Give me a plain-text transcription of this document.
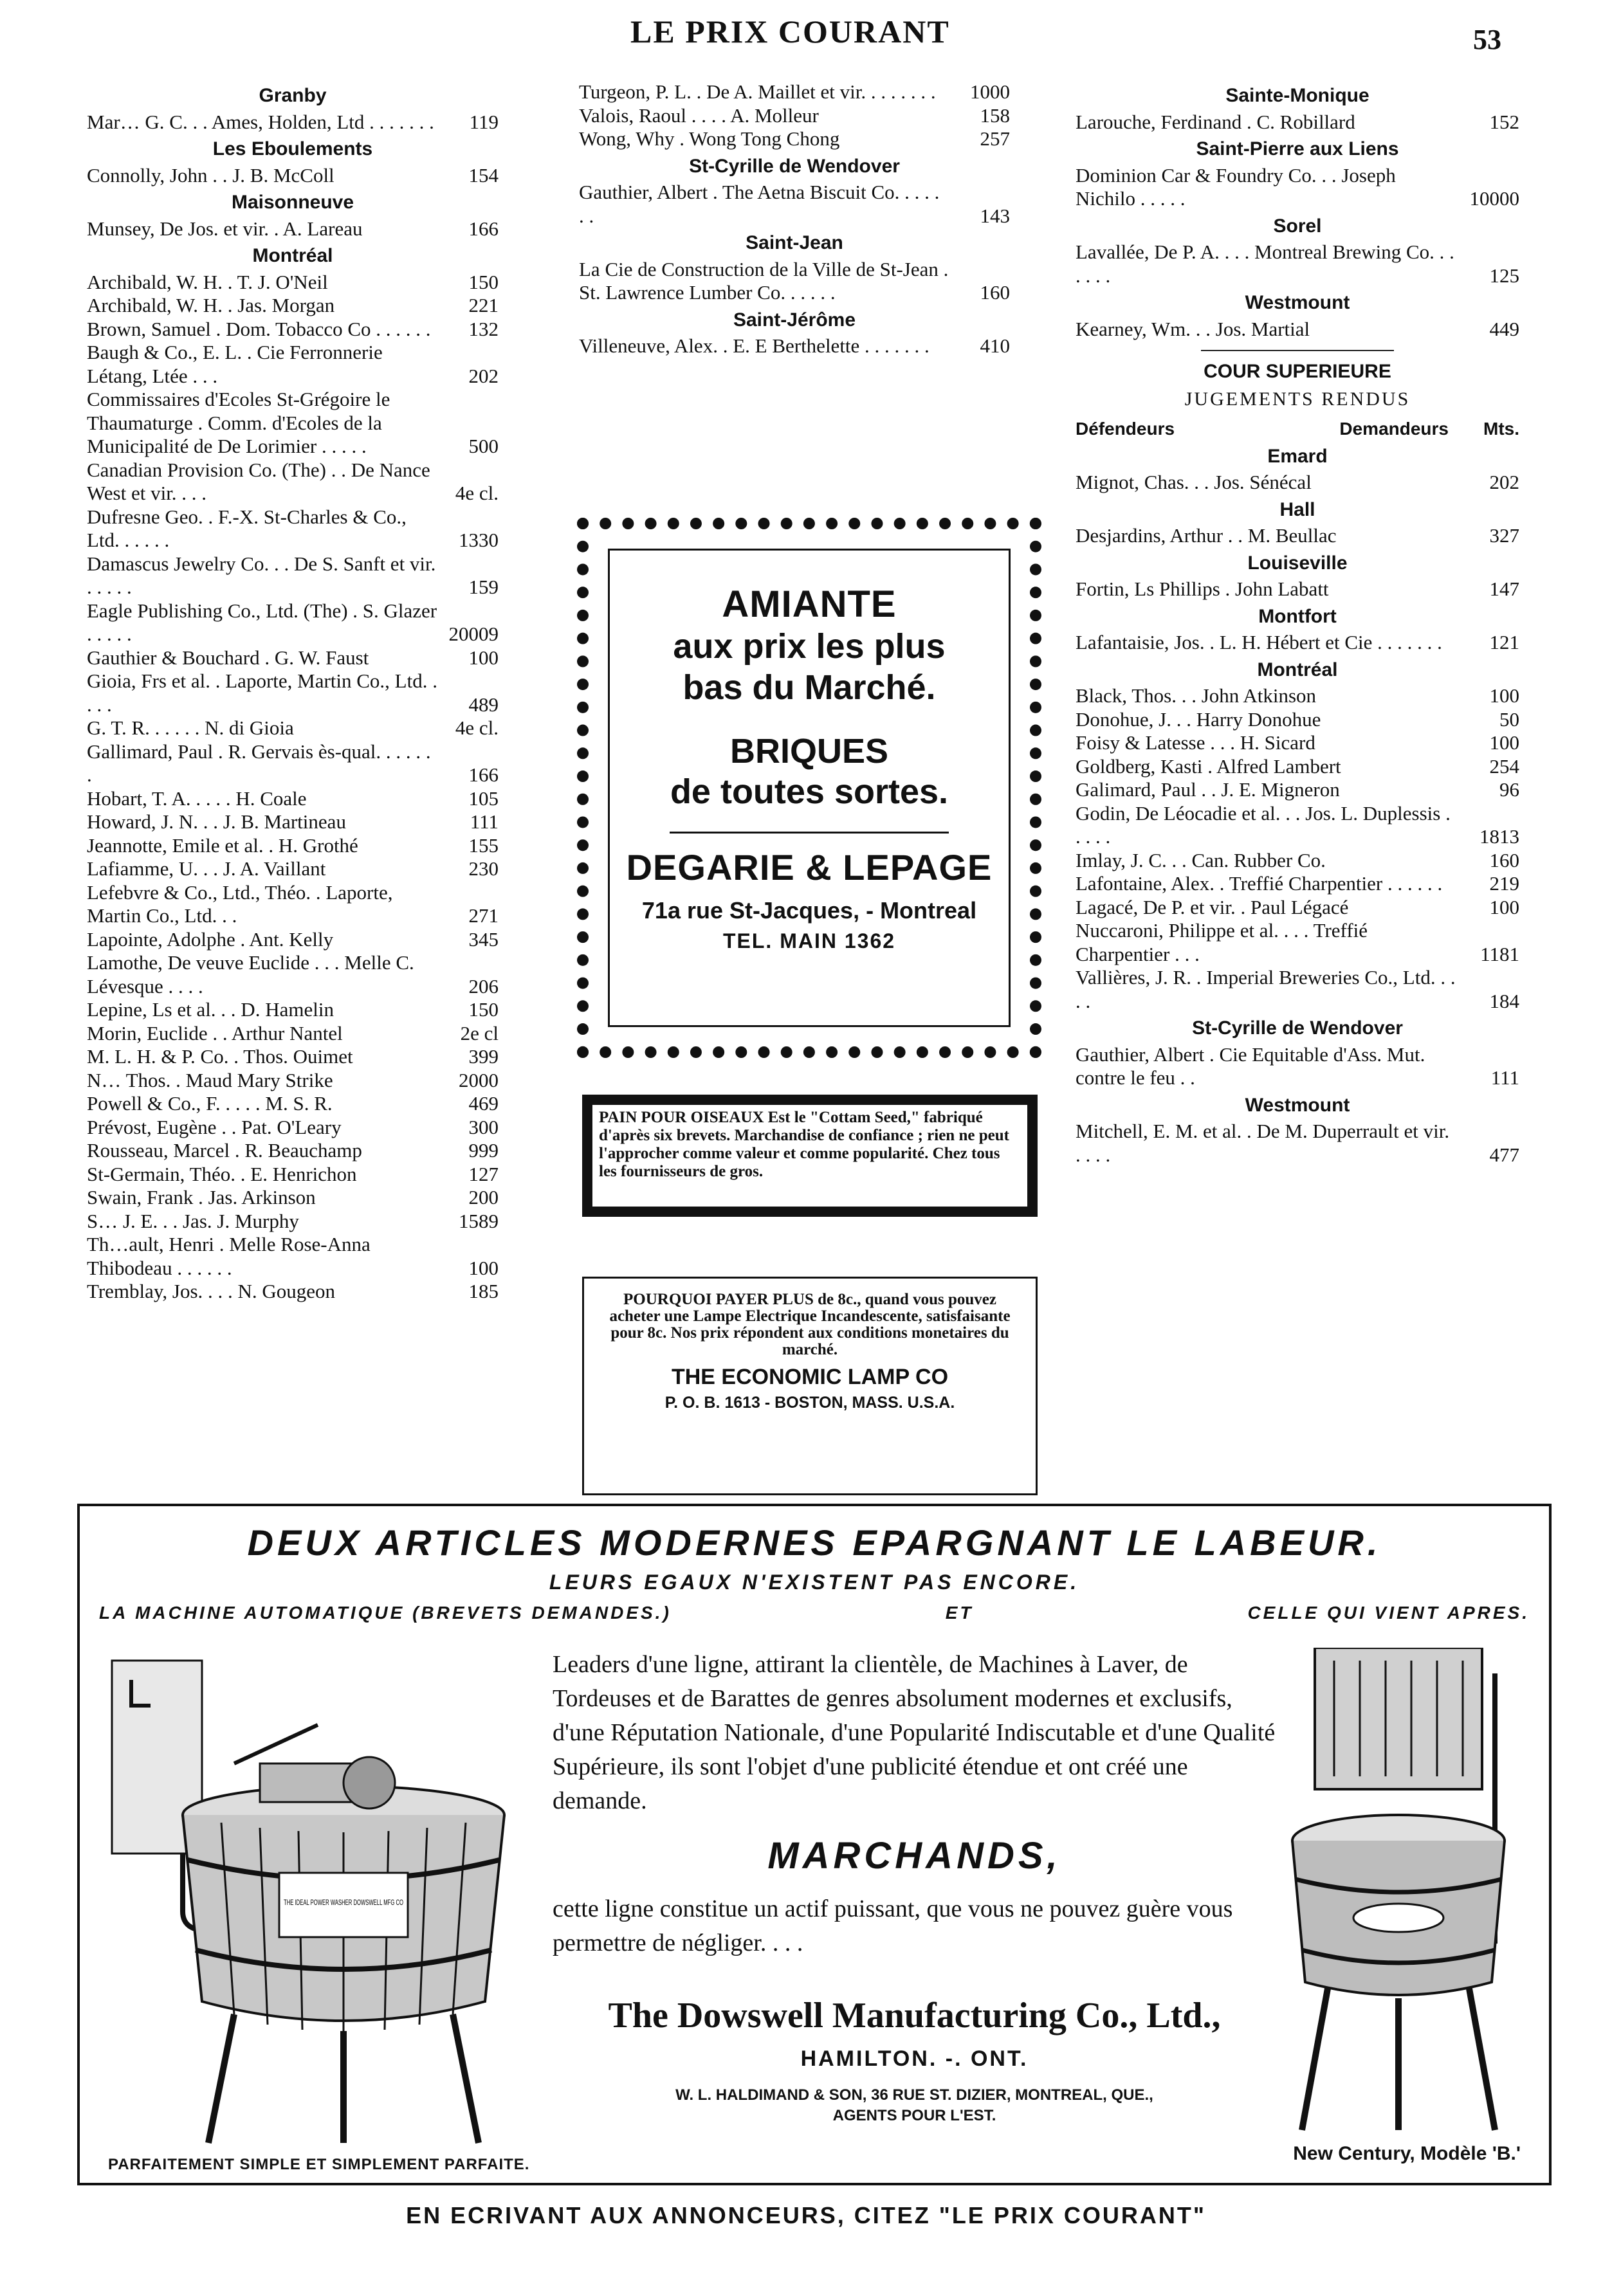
LE PRIX COURANT	53
Granby
Mar… G. C. . . Ames, Holden, Ltd . . . . . . .	119
Les Eboulements
Connolly, John . . J. B. McColl	154
Maisonneuve
Munsey, De Jos. et vir. . A. Lareau	166
Montréal
Archibald, W. H. . T. J. O'Neil	150
Archibald, W. H. . Jas. Morgan	221
Brown, Samuel . Dom. Tobacco Co . . . . . .	132
Baugh & Co., E. L. . Cie Ferronnerie Létang, Ltée . . .	202
Commissaires d'Ecoles St-Grégoire le Thaumaturge . Comm. d'Ecoles de la Municipalité de De Lorimier . . . . .	500
Canadian Provision Co. (The) . . De Nance West et vir. . . .	4e cl.
Dufresne Geo. . F.-X. St-Charles & Co., Ltd. . . . . .	1330
Damascus Jewelry Co. . . De S. Sanft et vir. . . . . .	159
Eagle Publishing Co., Ltd. (The) . S. Glazer . . . . .	20009
Gauthier & Bouchard . G. W. Faust	100
Gioia, Frs et al. . Laporte, Martin Co., Ltd. . . . .	489
G. T. R. . . . . . N. di Gioia	4e cl.
Gallimard, Paul . R. Gervais ès-qual. . . . . . .	166
Hobart, T. A. . . . . H. Coale	105
Howard, J. N. . . J. B. Martineau	111
Jeannotte, Emile et al. . H. Grothé	155
Lafiamme, U. . . J. A. Vaillant	230
Lefebvre & Co., Ltd., Théo. . Laporte, Martin Co., Ltd. . .	271
Lapointe, Adolphe . Ant. Kelly	345
Lamothe, De veuve Euclide . . . Melle C. Lévesque . . . .	206
Lepine, Ls et al. . . D. Hamelin	150
Morin, Euclide . . Arthur Nantel	2e cl
M. L. H. & P. Co. . Thos. Ouimet	399
N… Thos. . Maud Mary Strike	2000
Powell & Co., F. . . . . M. S. R.	469
Prévost, Eugène . . Pat. O'Leary	300
Rousseau, Marcel . R. Beauchamp	999
St-Germain, Théo. . E. Henrichon	127
Swain, Frank . Jas. Arkinson	200
S… J. E. . . Jas. J. Murphy	1589
Th…ault, Henri . Melle Rose-Anna Thibodeau . . . . . .	100
Tremblay, Jos. . . . N. Gougeon	185
Turgeon, P. L. . De A. Maillet et vir. . . . . . . .	1000
Valois, Raoul . . . . A. Molleur	158
Wong, Why . Wong Tong Chong	257
St-Cyrille de Wendover
Gauthier, Albert . The Aetna Biscuit Co. . . . . . .	143
Saint-Jean
La Cie de Construction de la Ville de St-Jean . St. Lawrence Lumber Co. . . . . .	160
Saint-Jérôme
Villeneuve, Alex. . E. E Berthelette . . . . . . .	410
Sainte-Monique
Larouche, Ferdinand . C. Robillard	152
Saint-Pierre aux Liens
Dominion Car & Foundry Co. . . Joseph Nichilo . . . . .	10000
Sorel
Lavallée, De P. A. . . . Montreal Brewing Co. . . . . . .	125
Westmount
Kearney, Wm. . . Jos. Martial	449
COUR SUPERIEURE
JUGEMENTS RENDUS
Défendeurs	Demandeurs	Mts.
Emard
Mignot, Chas. . . Jos. Sénécal	202
Hall
Desjardins, Arthur . . M. Beullac	327
Louiseville
Fortin, Ls Phillips . John Labatt	147
Montfort
Lafantaisie, Jos. . L. H. Hébert et Cie . . . . . . .	121
Montréal
Black, Thos. . . John Atkinson	100
Donohue, J. . . Harry Donohue	50
Foisy & Latesse . . . H. Sicard	100
Goldberg, Kasti . Alfred Lambert	254
Galimard, Paul . . J. E. Migneron	96
Godin, De Léocadie et al. . . Jos. L. Duplessis . . . . .	1813
Imlay, J. C. . . Can. Rubber Co.	160
Lafontaine, Alex. . Treffié Charpentier . . . . . .	219
Lagacé, De P. et vir. . Paul Légacé	100
Nuccaroni, Philippe et al. . . . Treffié Charpentier . . .	1181
Vallières, J. R. . Imperial Breweries Co., Ltd. . . . .	184
St-Cyrille de Wendover
Gauthier, Albert . Cie Equitable d'Ass. Mut. contre le feu . .	111
Westmount
Mitchell, E. M. et al. . De M. Duperrault et vir. . . . .	477
AMIANTE
aux prix les plus
bas du Marché.
BRIQUES
de toutes sortes.
DEGARIE & LEPAGE
71a rue St-Jacques, - Montreal
TEL. MAIN 1362
PAIN POUR OISEAUX Est le "Cottam Seed," fabriqué d'après six brevets. Marchandise de confiance ; rien ne peut l'approcher comme valeur et comme popularité. Chez tous les fournisseurs de gros.
POURQUOI PAYER PLUS de 8c., quand vous pouvez acheter une Lampe Electrique Incandescente, satisfaisante pour 8c. Nos prix répondent aux conditions monetaires du marché.
THE ECONOMIC LAMP CO
P. O. B. 1613 - BOSTON, MASS. U.S.A.
DEUX ARTICLES MODERNES EPARGNANT LE LABEUR.
LEURS EGAUX N'EXISTENT PAS ENCORE.
LA MACHINE AUTOMATIQUE (BREVETS DEMANDES.)	ET	CELLE QUI VIENT APRES.
THE IDEAL POWER WASHER DOWSWELL MFG CO
Leaders d'une ligne, attirant la clientèle, de Machines à Laver, de Tordeuses et de Barattes de genres absolument modernes et exclusifs, d'une Réputation Nationale, d'une Popularité Indiscutable et d'une Qualité Supérieure, ils sont l'objet d'une publicité étendue et ont créé une demande.
MARCHANDS,
cette ligne constitue un actif puissant, que vous ne pouvez guère vous permettre de négliger. . . .
The Dowswell Manufacturing Co., Ltd.,
HAMILTON. -. ONT.
W. L. HALDIMAND & SON, 36 RUE ST. DIZIER, MONTREAL, QUE.,
AGENTS POUR L'EST.
PARFAITEMENT SIMPLE ET SIMPLEMENT PARFAITE.
New Century, Modèle 'B.'
EN ECRIVANT AUX ANNONCEURS, CITEZ "LE PRIX COURANT"
